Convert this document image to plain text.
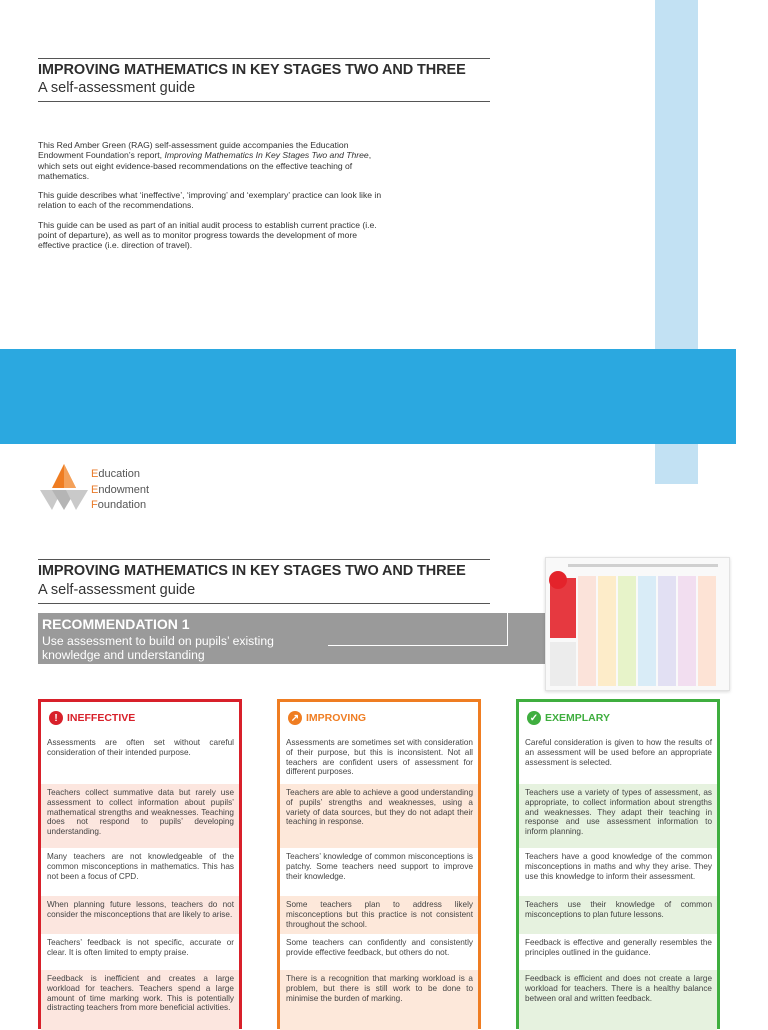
IMPROVING MATHEMATICS IN KEY STAGES TWO AND THREE
A self-assessment guide

This Red Amber Green (RAG) self-assessment guide accompanies the Education Endowment Foundation’s report, Improving Mathematics In Key Stages Two and Three, which sets out eight evidence-based recommendations on the effective teaching of mathematics.

This guide describes what ‘ineffective’, ‘improving’ and ‘exemplary’ practice can look like in relation to each of the recommendations.

This guide can be used as part of an initial audit process to establish current practice (i.e. point of departure), as well as to monitor progress towards the development of more effective practice (i.e. direction of travel).

Education
Endowment
Foundation
IMPROVING MATHEMATICS IN KEY STAGES TWO AND THREE
A self-assessment guide
RECOMMENDATION 1
Use assessment to build on pupils’ existing knowledge and understanding
! INEFFECTIVE
Assessments are often set without careful consideration of their intended purpose.
Teachers collect summative data but rarely use assessment to collect information about pupils’ mathematical strengths and weaknesses. Teaching does not respond to pupils’ developing understanding.
Many teachers are not knowledgeable of the common misconceptions in mathematics. This has not been a focus of CPD.
When planning future lessons, teachers do not consider the misconceptions that are likely to arise.
Teachers’ feedback is not specific, accurate or clear. It is often limited to empty praise.
Feedback is inefficient and creates a large workload for teachers. Teachers spend a large amount of time marking work. This is potentially distracting teachers from more beneficial activities.
↗ IMPROVING
Assessments are sometimes set with consideration of their purpose, but this is inconsistent. Not all teachers are confident users of assessment for different purposes.
Teachers are able to achieve a good understanding of pupils’ strengths and weaknesses, using a variety of data sources, but they do not adapt their teaching in response.
Teachers’ knowledge of common misconceptions is patchy. Some teachers need support to improve their knowledge.
Some teachers plan to address likely misconceptions but this practice is not consistent throughout the school.
Some teachers can confidently and consistently provide effective feedback, but others do not.
There is a recognition that marking workload is a problem, but there is still work to be done to minimise the burden of marking.
✓ EXEMPLARY
Careful consideration is given to how the results of an assessment will be used before an appropriate assessment is selected.
Teachers use a variety of types of assessment, as appropriate, to collect information about strengths and weaknesses. They adapt their teaching in response and use assessment information to inform planning.
Teachers have a good knowledge of the common misconceptions in maths and why they arise. They use this knowledge to inform their assessment.
Teachers use their knowledge of common misconceptions to plan future lessons.
Feedback is effective and generally resembles the principles outlined in the guidance.
Feedback is efficient and does not create a large workload for teachers. There is a healthy balance between oral and written feedback.
